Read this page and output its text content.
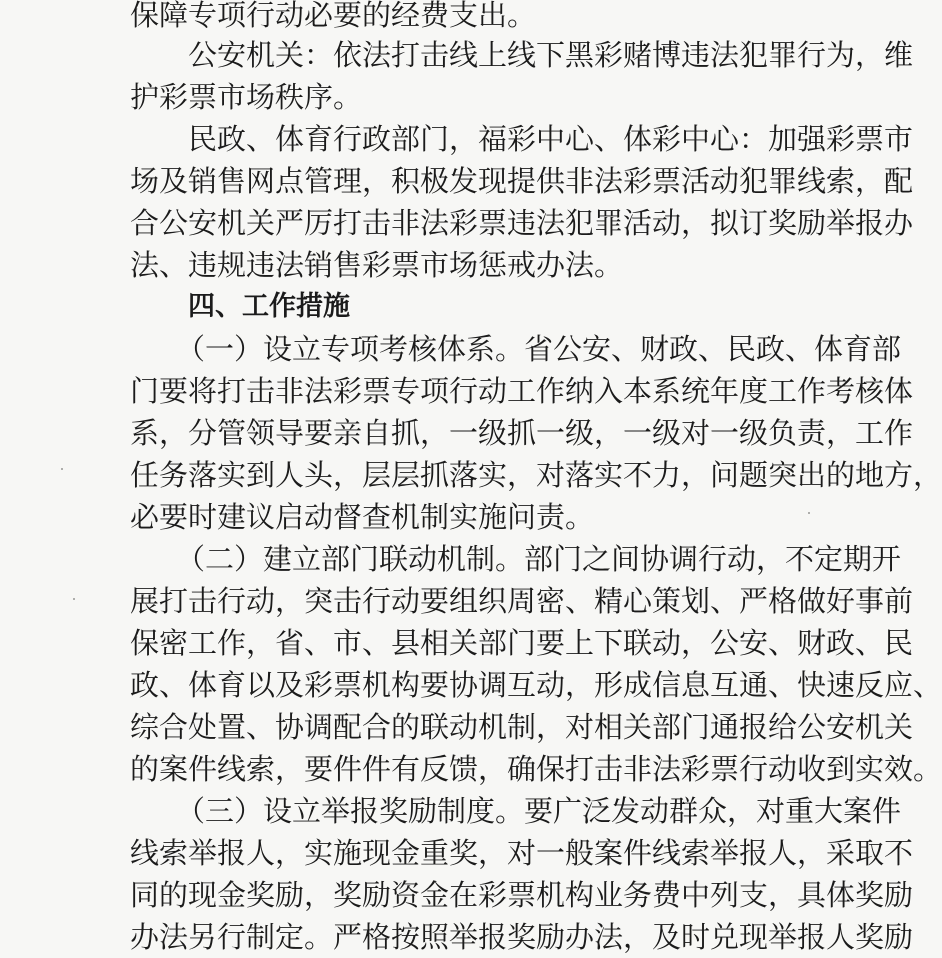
保障专项行动必要的经费支出。

公安机关：依法打击线上线下黑彩赌博违法犯罪行为，维

护彩票市场秩序。

民政、体育行政部门，福彩中心、体彩中心：加强彩票市

场及销售网点管理，积极发现提供非法彩票活动犯罪线索，配

合公安机关严厉打击非法彩票违法犯罪活动，拟订奖励举报办

法、违规违法销售彩票市场惩戒办法。

四、工作措施

（一）设立专项考核体系。省公安、财政、民政、体育部

门要将打击非法彩票专项行动工作纳入本系统年度工作考核体

系，分管领导要亲自抓，一级抓一级，一级对一级负责，工作

任务落实到人头，层层抓落实，对落实不力，问题突出的地方，

必要时建议启动督查机制实施问责。

（二）建立部门联动机制。部门之间协调行动，不定期开

展打击行动，突击行动要组织周密、精心策划、严格做好事前

保密工作，省、市、县相关部门要上下联动，公安、财政、民

政、体育以及彩票机构要协调互动，形成信息互通、快速反应、

综合处置、协调配合的联动机制，对相关部门通报给公安机关

的案件线索，要件件有反馈，确保打击非法彩票行动收到实效。

（三）设立举报奖励制度。要广泛发动群众，对重大案件

线索举报人，实施现金重奖，对一般案件线索举报人，采取不

同的现金奖励，奖励资金在彩票机构业务费中列支，具体奖励

办法另行制定。严格按照举报奖励办法，及时兑现举报人奖励
